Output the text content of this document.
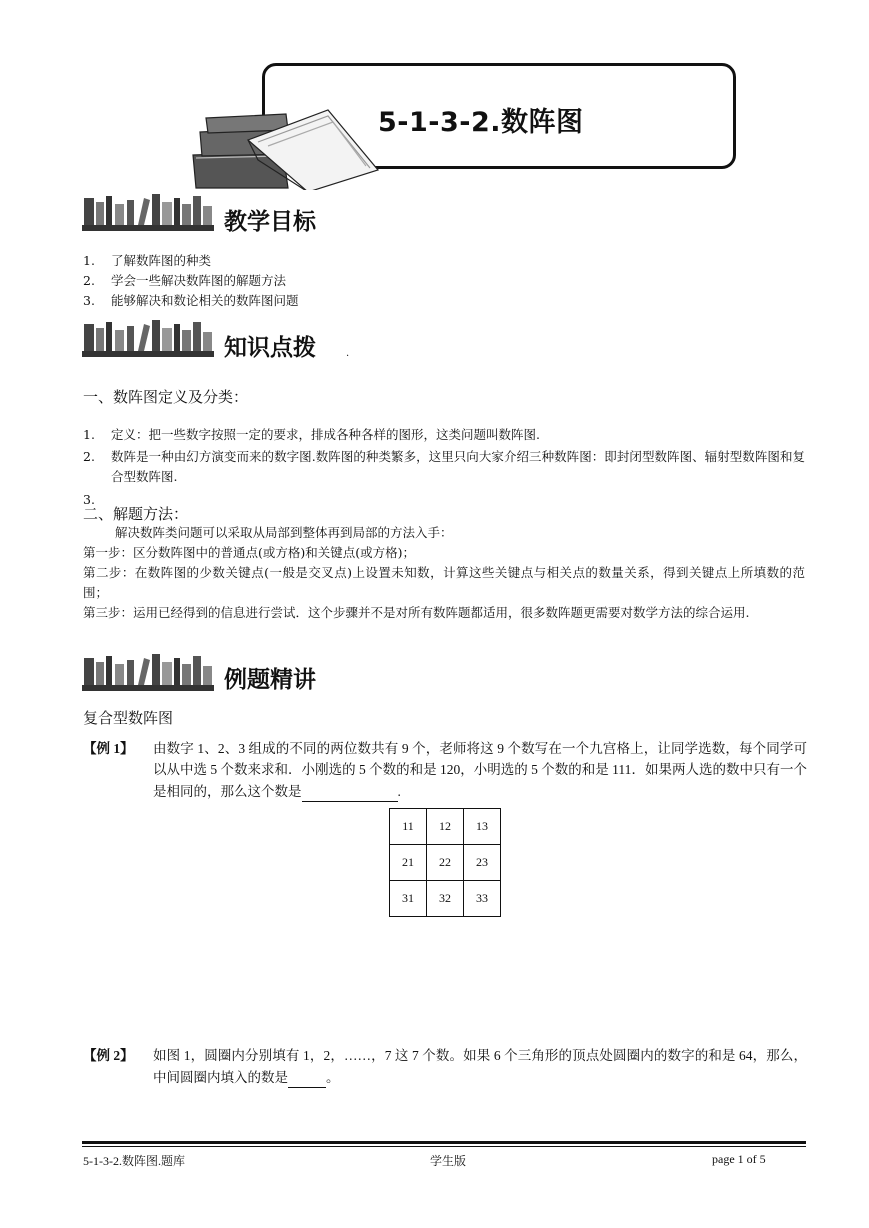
5-1-3-2.数阵图
教学目标
1.	了解数阵图的种类
2.	学会一些解决数阵图的解题方法
3.	能够解决和数论相关的数阵图问题
知识点拨	.
一、数阵图定义及分类：
1.	定义：把一些数字按照一定的要求，排成各种各样的图形，这类问题叫数阵图.
2.	数阵是一种由幻方演变而来的数字图.数阵图的种类繁多，这里只向大家介绍三种数阵图：即封闭型数阵图、辐射型数阵图和复合型数阵图.
3.
二、解题方法：
解决数阵类问题可以采取从局部到整体再到局部的方法入手：
第一步：区分数阵图中的普通点(或方格)和关键点(或方格)；
第二步：在数阵图的少数关键点(一般是交叉点)上设置未知数，计算这些关键点与相关点的数量关系，得到关键点上所填数的范围；
第三步：运用已经得到的信息进行尝试．这个步骤并不是对所有数阵题都适用，很多数阵题更需要对数学方法的综合运用.
例题精讲
复合型数阵图
【例 1】	由数字 1、2、3 组成的不同的两位数共有 9 个，老师将这 9 个数写在一个九宫格上，让同学选数，每个同学可以从中选 5 个数来求和．小刚选的 5 个数的和是 120，小明选的 5 个数的和是 111．如果两人选的数中只有一个是相同的，那么这个数是	.
11	12	13
21	22	23
31	32	33
【例 2】	如图 1，圆圈内分别填有 1，2，……，7 这 7 个数。如果 6 个三角形的顶点处圆圈内的数字的和是 64，那么，中间圆圈内填入的数是	。
5-1-3-2.数阵图.题库	学生版	page 1 of 5
